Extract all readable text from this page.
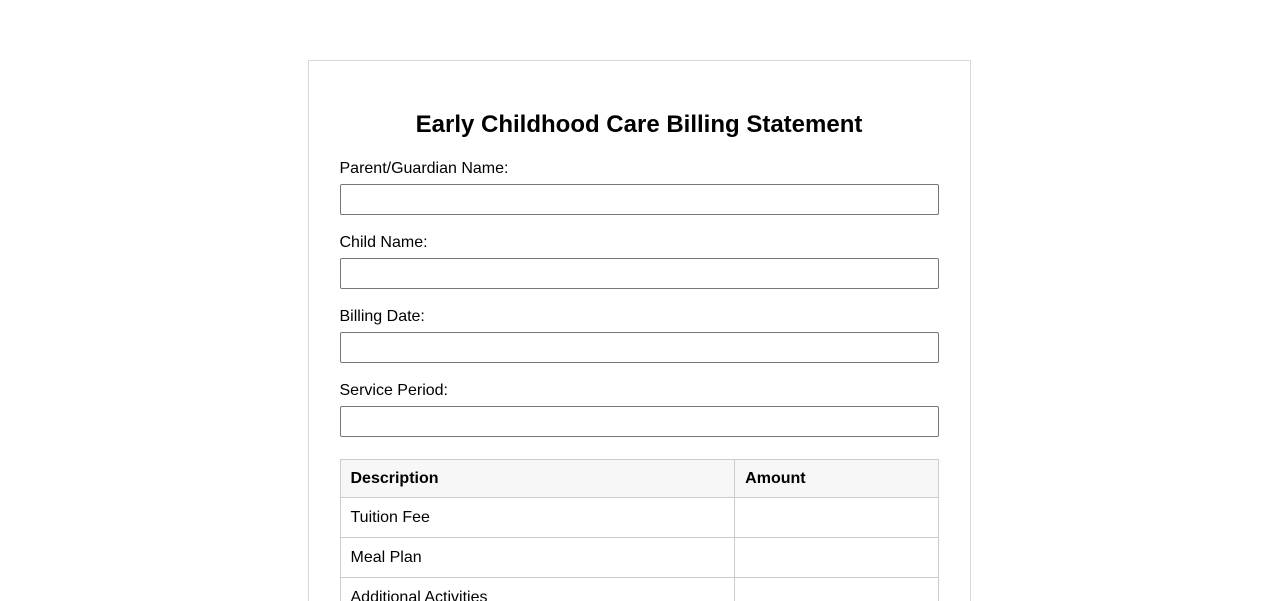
Early Childhood Care Billing Statement
Parent/Guardian Name:
Child Name:
Billing Date:
Service Period:
Description	Amount
Tuition Fee	
Meal Plan	
Additional Activities	
